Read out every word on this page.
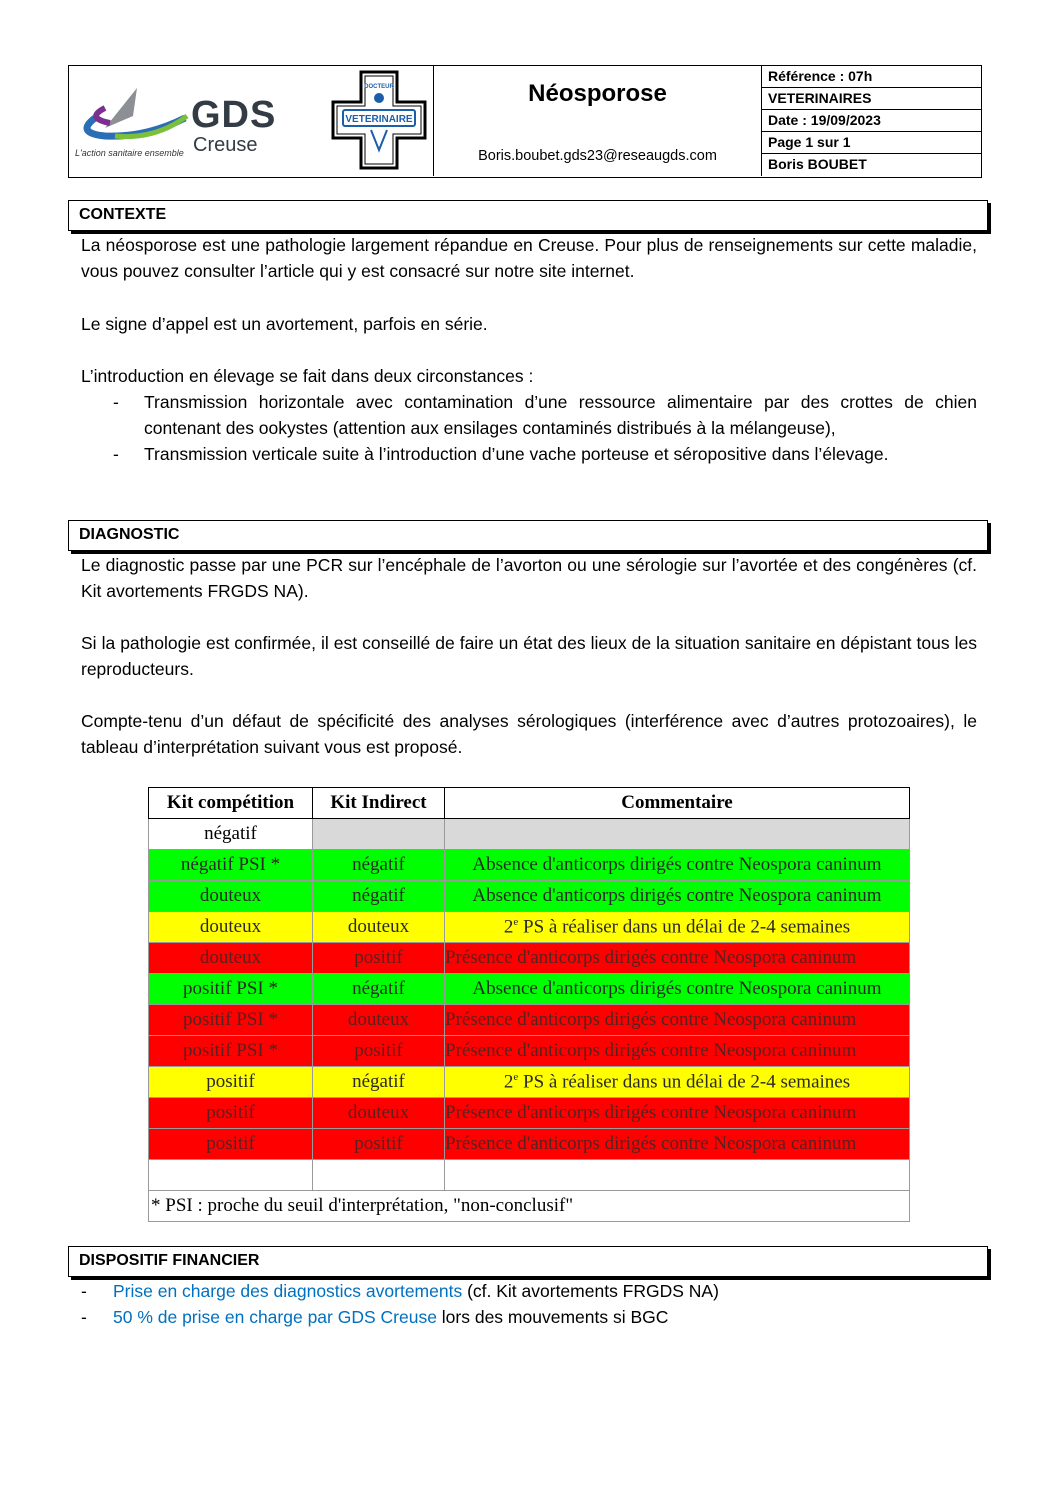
GDS
Creuse
L'action sanitaire ensemble
VETERINAIRE
DOCTEUR	Néosporose
Boris.boubet.gds23@reseaugds.com
Référence : 07h
VETERINAIRES
Date : 19/09/2023
Page 1 sur 1
Boris BOUBET
CONTEXTE
La néosporose est une pathologie largement répandue en Creuse. Pour plus de renseignements sur cette maladie, vous pouvez consulter l’article qui y est consacré sur notre site internet.
Le signe d’appel est un avortement, parfois en série.
L’introduction en élevage se fait dans deux circonstances :
- Transmission horizontale avec contamination d’une ressource alimentaire par des crottes de chien contenant des ookystes (attention aux ensilages contaminés distribués à la mélangeuse),
- Transmission verticale suite à l’introduction d’une vache porteuse et séropositive dans l’élevage.
DIAGNOSTIC
Le diagnostic passe par une PCR sur l’encéphale de l’avorton ou une sérologie sur l’avortée et des congénères (cf. Kit avortements FRGDS NA).
Si la pathologie est confirmée, il est conseillé de faire un état des lieux de la situation sanitaire en dépistant tous les reproducteurs.
Compte-tenu d’un défaut de spécificité des analyses sérologiques (interférence avec d’autres protozoaires), le tableau d’interprétation suivant vous est proposé.
Kit compétition	Kit Indirect	Commentaire
négatif		
négatif PSI *	négatif	Absence d'anticorps dirigés contre Neospora caninum
douteux	négatif	Absence d'anticorps dirigés contre Neospora caninum
douteux	douteux	2e PS à réaliser dans un délai de 2-4 semaines
douteux	positif	Présence d'anticorps dirigés contre Neospora caninum
positif PSI *	négatif	Absence d'anticorps dirigés contre Neospora caninum
positif PSI *	douteux	Présence d'anticorps dirigés contre Neospora caninum
positif PSI *	positif	Présence d'anticorps dirigés contre Neospora caninum
positif	négatif	2e PS à réaliser dans un délai de 2-4 semaines
positif	douteux	Présence d'anticorps dirigés contre Neospora caninum
positif	positif	Présence d'anticorps dirigés contre Neospora caninum

* PSI : proche du seuil d'interprétation, "non-conclusif"		
DISPOSITIF FINANCIER
- Prise en charge des diagnostics avortements (cf. Kit avortements FRGDS NA)
- 50 % de prise en charge par GDS Creuse lors des mouvements si BGC
